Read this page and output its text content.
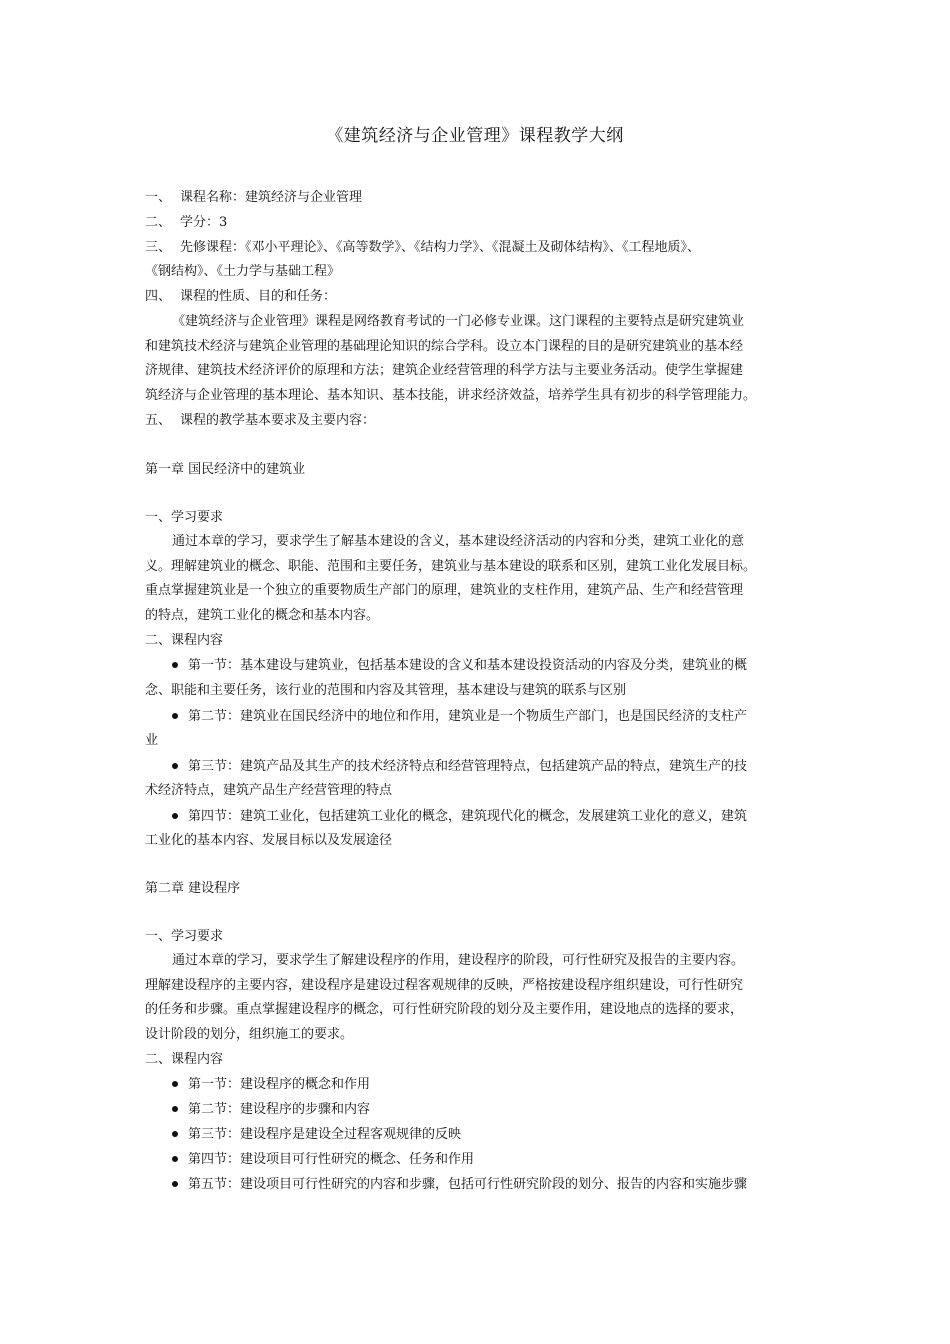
《建筑经济与企业管理》课程教学大纲
一、 课程名称：建筑经济与企业管理
二、 学分：3
三、 先修课程：《邓小平理论》、《高等数学》、《结构力学》、《混凝土及砌体结构》、《工程地质》、
《钢结构》、《土力学与基础工程》
四、 课程的性质、目的和任务：
《建筑经济与企业管理》课程是网络教育考试的一门必修专业课。这门课程的主要特点是研究建筑业
和建筑技术经济与建筑企业管理的基础理论知识的综合学科。设立本门课程的目的是研究建筑业的基本经
济规律、建筑技术经济评价的原理和方法；建筑企业经营管理的科学方法与主要业务活动。使学生掌握建
筑经济与企业管理的基本理论、基本知识、基本技能，讲求经济效益，培养学生具有初步的科学管理能力。
五、 课程的教学基本要求及主要内容：
第一章 国民经济中的建筑业
一、学习要求
通过本章的学习，要求学生了解基本建设的含义，基本建设经济活动的内容和分类，建筑工业化的意
义。理解建筑业的概念、职能、范围和主要任务，建筑业与基本建设的联系和区别，建筑工业化发展目标。
重点掌握建筑业是一个独立的重要物质生产部门的原理，建筑业的支柱作用，建筑产品、生产和经营管理
的特点，建筑工业化的概念和基本内容。
二、课程内容
第一节：基本建设与建筑业，包括基本建设的含义和基本建设投资活动的内容及分类，建筑业的概
念、职能和主要任务，该行业的范围和内容及其管理，基本建设与建筑的联系与区别
第二节：建筑业在国民经济中的地位和作用，建筑业是一个物质生产部门，也是国民经济的支柱产
业
第三节：建筑产品及其生产的技术经济特点和经营管理特点，包括建筑产品的特点，建筑生产的技
术经济特点，建筑产品生产经营管理的特点
第四节：建筑工业化，包括建筑工业化的概念，建筑现代化的概念，发展建筑工业化的意义，建筑
工业化的基本内容、发展目标以及发展途径
第二章 建设程序
一、学习要求
通过本章的学习，要求学生了解建设程序的作用，建设程序的阶段，可行性研究及报告的主要内容。
理解建设程序的主要内容，建设程序是建设过程客观规律的反映，严格按建设程序组织建设，可行性研究
的任务和步骤。重点掌握建设程序的概念，可行性研究阶段的划分及主要作用，建设地点的选择的要求，
设计阶段的划分，组织施工的要求。
二、课程内容
第一节：建设程序的概念和作用
第二节：建设程序的步骤和内容
第三节：建设程序是建设全过程客观规律的反映
第四节：建设项目可行性研究的概念、任务和作用
第五节：建设项目可行性研究的内容和步骤，包括可行性研究阶段的划分、报告的内容和实施步骤
